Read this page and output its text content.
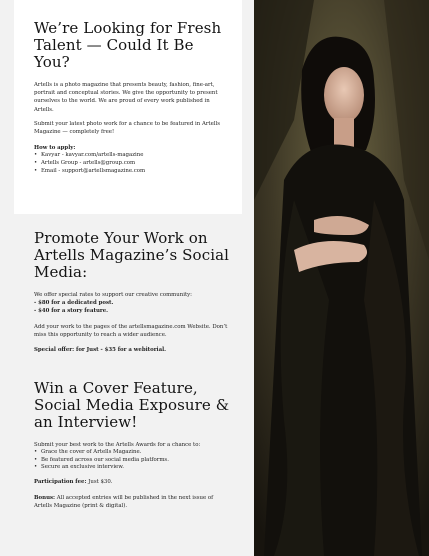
We’re Looking for Fresh Talent — Could It Be You?

Artells is a photo magazine that presents beauty, fashion, fine-art, portrait and conceptual stories. We give the opportunity to present ourselves to the world. We are proud of every work published in Artells.

Submit your latest photo work for a chance to be featured in Artells Magazine — completely free!

How to apply:

• Kavyar - kavyar.com/artells-magazine
• Artells Group - artells@group.com
• Email - support@artellsmagazine.com
Promote Your Work on Artells Magazine’s Social Media:

We offer special rates to support our creative community:

- $80 for a dedicated post.

- $40 for a story feature.

Add your work to the pages of the artellsmagazine.com Website. Don’t miss this opportunity to reach a wider audience.

Special offer: for Just - $35 for a webitorial.

Win a Cover Feature, Social Media Exposure & an Interview!

Submit your best work to the Artells Awards for a chance to:

• Grace the cover of Artells Magazine.
• Be featured across our social media platforms.
• Secure an exclusive interview.

Participation fee: Just $30.

Bonus: All accepted entries will be published in the next issue of Artells Magazine (print & digital).
